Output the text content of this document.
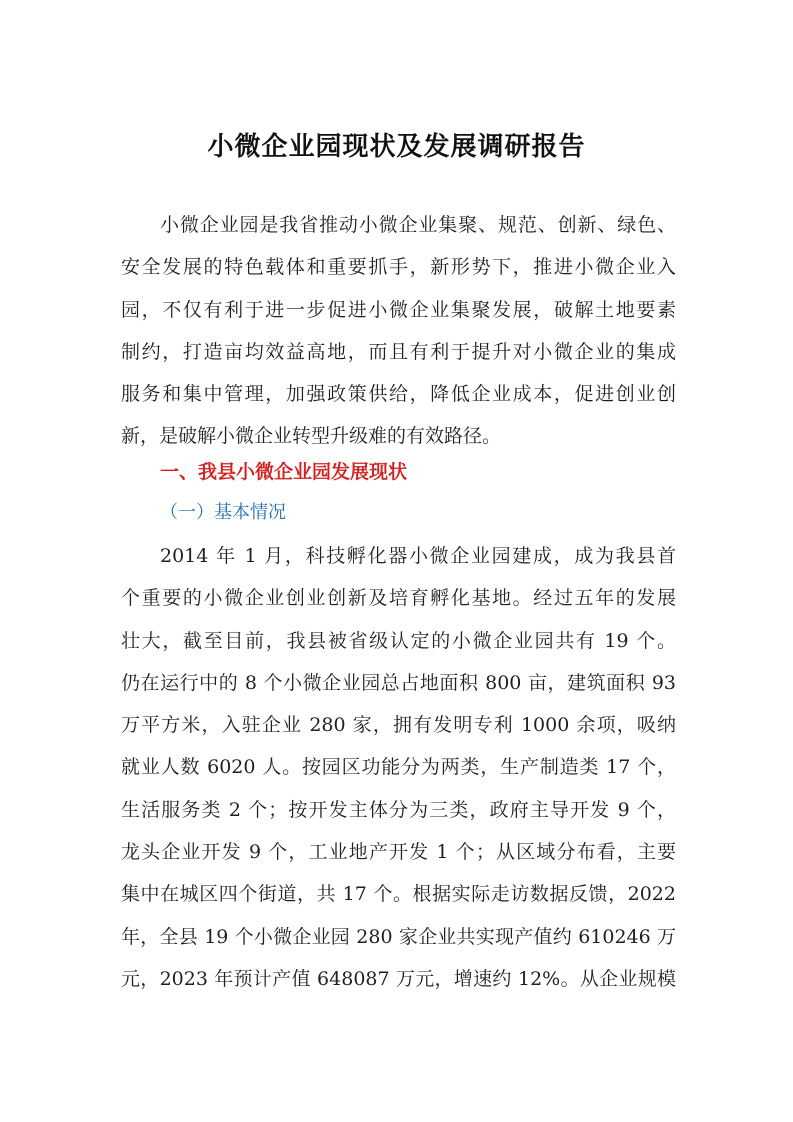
小微企业园现状及发展调研报告
小微企业园是我省推动小微企业集聚、规范、创新、绿色、
安全发展的特色载体和重要抓手，新形势下，推进小微企业入
园，不仅有利于进一步促进小微企业集聚发展，破解土地要素
制约，打造亩均效益高地，而且有利于提升对小微企业的集成
服务和集中管理，加强政策供给，降低企业成本，促进创业创
新，是破解小微企业转型升级难的有效路径。
一、我县小微企业园发展现状
（一）基本情况
2014 年 1 月，科技孵化器小微企业园建成，成为我县首
个重要的小微企业创业创新及培育孵化基地。经过五年的发展
壮大，截至目前，我县被省级认定的小微企业园共有 19 个。
仍在运行中的 8 个小微企业园总占地面积 800 亩，建筑面积 93
万平方米，入驻企业 280 家，拥有发明专利 1000 余项，吸纳
就业人数 6020 人。按园区功能分为两类，生产制造类 17 个，
生活服务类 2 个；按开发主体分为三类，政府主导开发 9 个，
龙头企业开发 9 个，工业地产开发 1 个；从区域分布看，主要
集中在城区四个街道，共 17 个。根据实际走访数据反馈，2022
年，全县 19 个小微企业园 280 家企业共实现产值约 610246 万
元，2023 年预计产值 648087 万元，增速约 12%。从企业规模
